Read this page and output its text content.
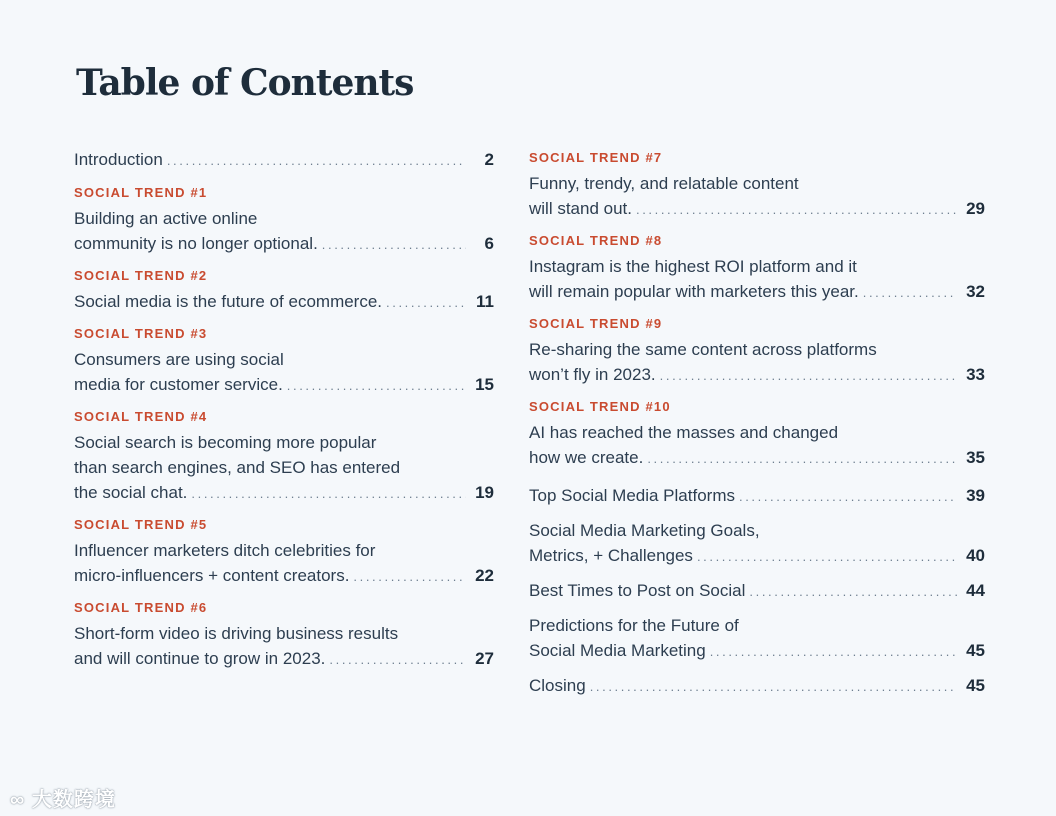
Table of Contents
Introduction .....	2
SOCIAL TREND #1
Building an active online
community is no longer optional. .....	6
SOCIAL TREND #2
Social media is the future of ecommerce. .....	11
SOCIAL TREND #3
Consumers are using social
media for customer service. .....	15
SOCIAL TREND #4
Social search is becoming more popular
than search engines, and SEO has entered
the social chat. .....	19
SOCIAL TREND #5
Influencer marketers ditch celebrities for
micro-influencers + content creators. .....	22
SOCIAL TREND #6
Short-form video is driving business results
and will continue to grow in 2023. .....	27
SOCIAL TREND #7
Funny, trendy, and relatable content
will stand out. .....	29
SOCIAL TREND #8
Instagram is the highest ROI platform and it
will remain popular with marketers this year. .....	32
SOCIAL TREND #9
Re-sharing the same content across platforms
won’t fly in 2023. .....	33
SOCIAL TREND #10
AI has reached the masses and changed
how we create. .....	35
Top Social Media Platforms .....	39
Social Media Marketing Goals,
Metrics, + Challenges .....	40
Best Times to Post on Social .....	44
Predictions for the Future of
Social Media Marketing .....	45
Closing .....	45
∞ 大数跨境
